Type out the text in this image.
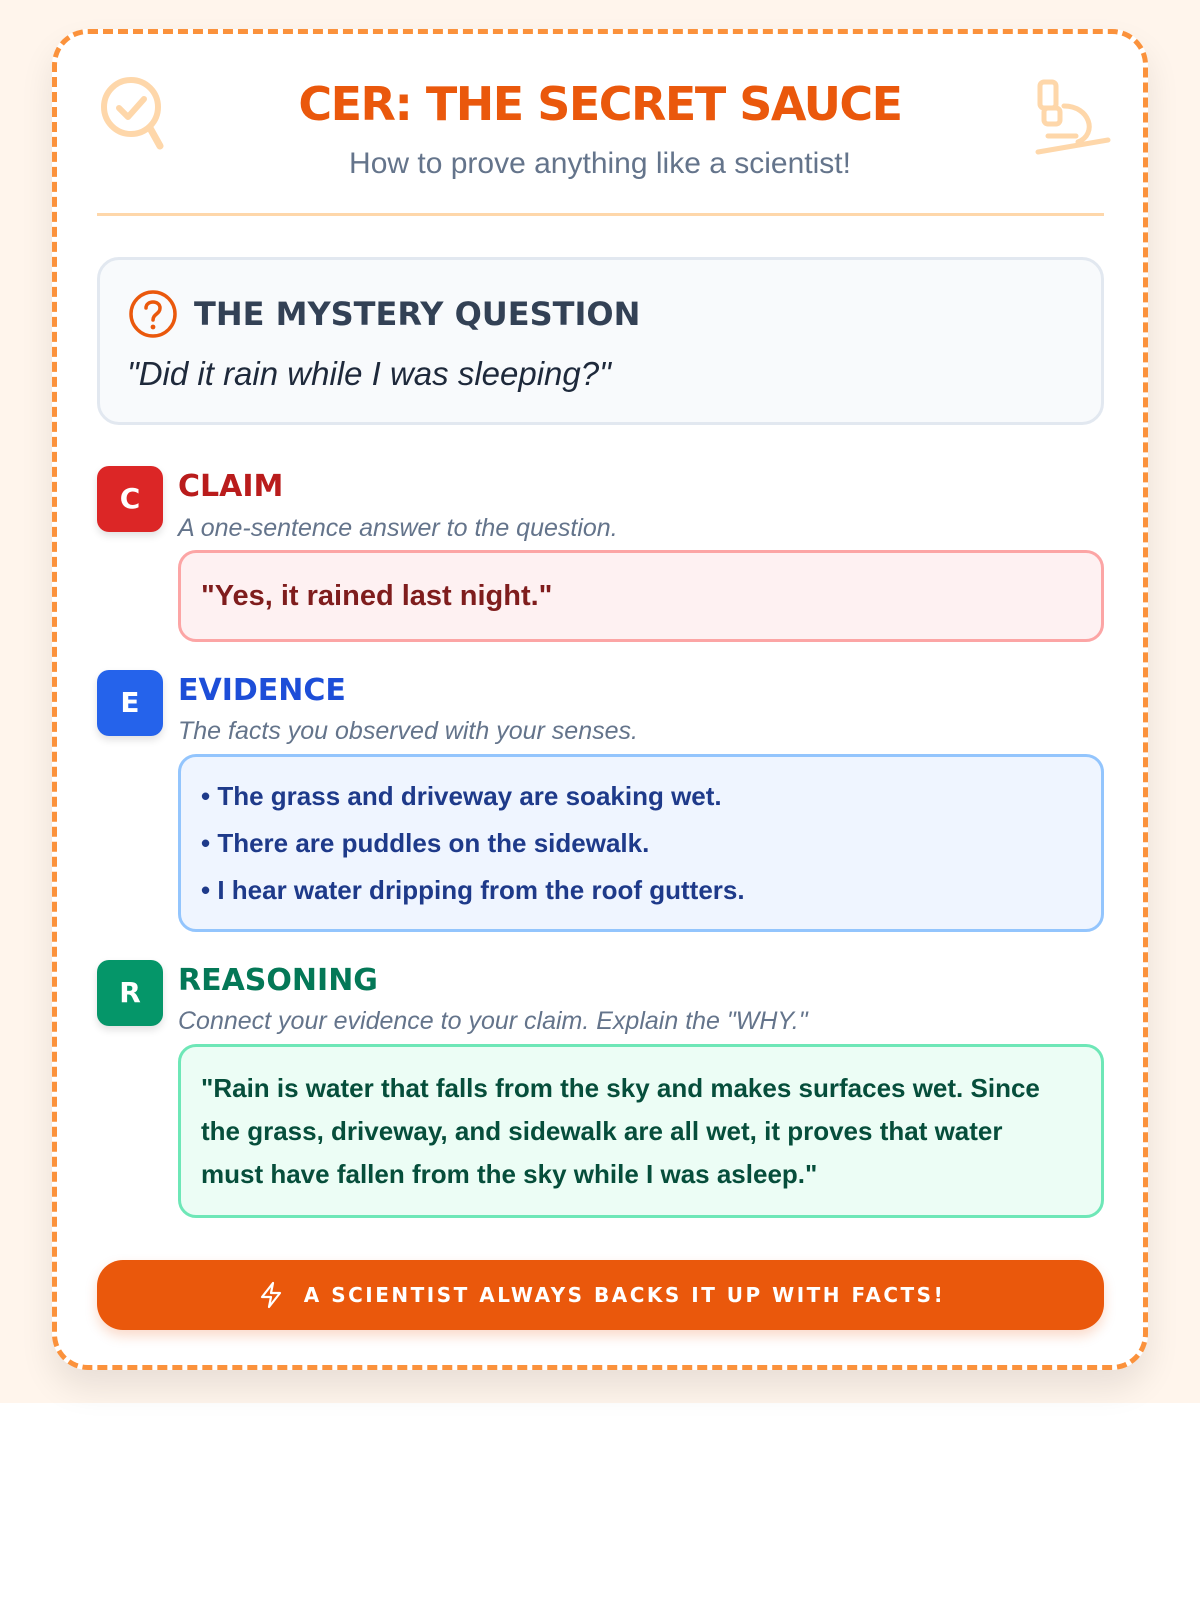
CER: THE SECRET SAUCE
How to prove anything like a scientist!
THE MYSTERY QUESTION
"Did it rain while I was sleeping?"
C	CLAIM
A one-sentence answer to the question.
"Yes, it rained last night."
E	EVIDENCE
The facts you observed with your senses.
• The grass and driveway are soaking wet.
• There are puddles on the sidewalk.
• I hear water dripping from the roof gutters.
R	REASONING
Connect your evidence to your claim. Explain the "WHY."
"Rain is water that falls from the sky and makes surfaces wet. Since the grass, driveway, and sidewalk are all wet, it proves that water must have fallen from the sky while I was asleep."
A SCIENTIST ALWAYS BACKS IT UP WITH FACTS!
